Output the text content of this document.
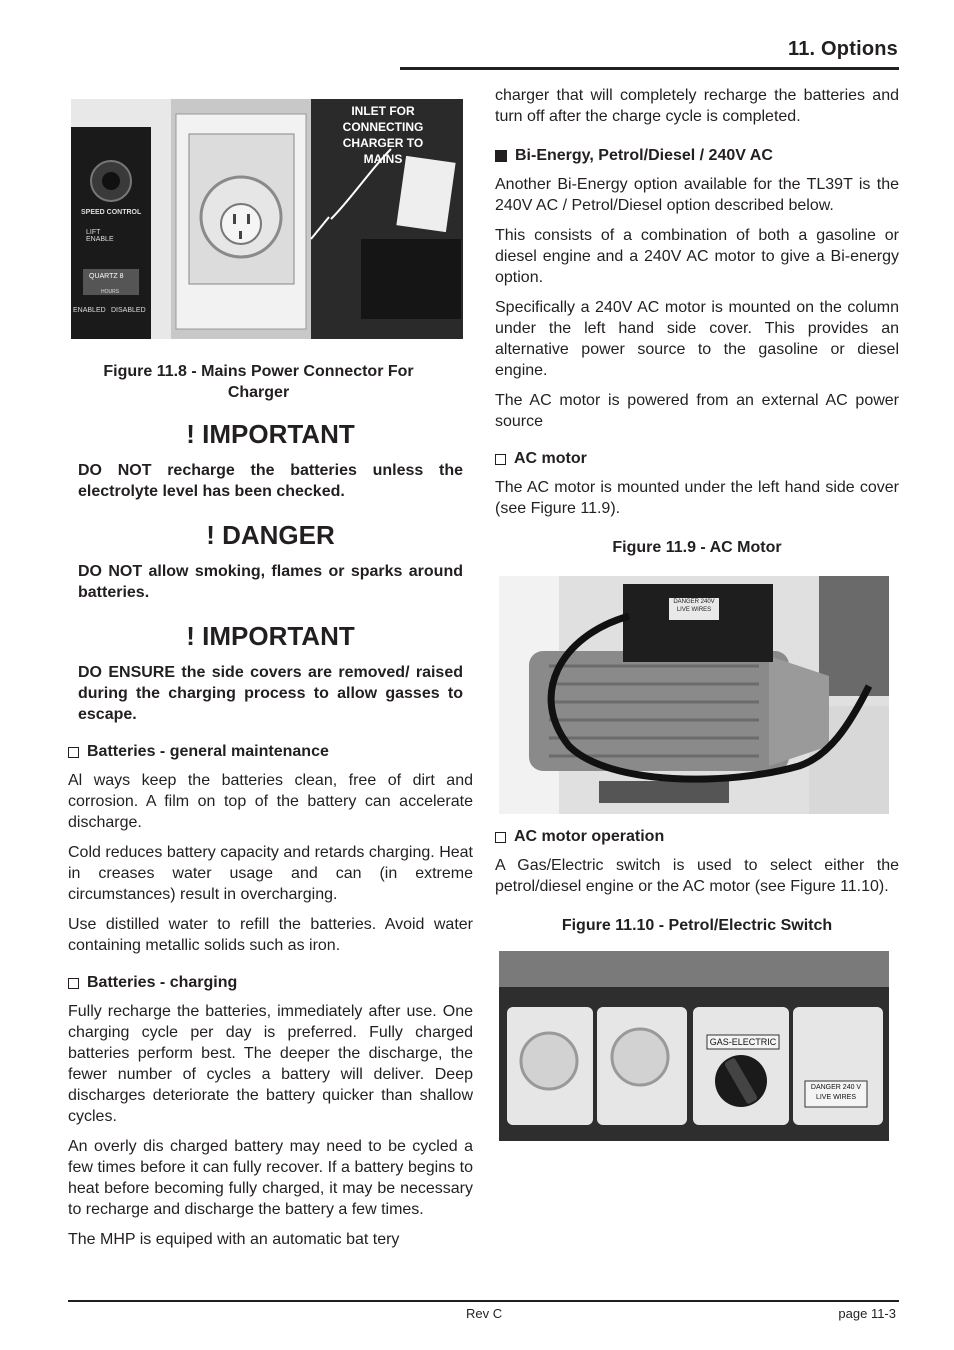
11. Options
INLET FOR CONNECTING CHARGER TO MAINS
SPEED CONTROL
LIFT ENABLE
QUARTZ 8
HOURS
ENABLED DISABLED
Figure 11.8 - Mains Power Connector For Charger
! IMPORTANT
DO NOT recharge the batteries unless the electrolyte level has been checked.
! DANGER
DO NOT allow smoking, flames or sparks around batteries.
! IMPORTANT
DO ENSURE the side covers are removed/ raised during the charging process to allow gasses to escape.
Batteries - general maintenance

Al ways keep the batteries clean, free of dirt and corrosion. A film on top of the battery can accelerate discharge.

Cold reduces battery capacity and retards charging. Heat in creases water usage and can (in extreme circumstances) result in overcharging.

Use distilled water to refill the batteries. Avoid water containing metallic solids such as iron.

Batteries - charging

Fully recharge the batteries, immediately after use. One charging cycle per day is preferred. Fully charged batteries perform best. The deeper the discharge, the fewer number of cycles a battery will deliver. Deep discharges deteriorate the battery quicker than shallow cycles.

An overly dis charged battery may need to be cycled a few times before it can fully recover. If a battery begins to heat before becoming fully charged, it may be necessary to recharge and discharge the battery a few times.

The MHP is equiped with an automatic bat tery

charger that will completely recharge the batteries and turn off after the charge cycle is completed.

Bi-Energy, Petrol/Diesel / 240V AC

Another Bi-Energy option available for the TL39T is the 240V AC / Petrol/Diesel option described below.

This consists of a combination of both a gasoline or diesel engine and a 240V AC motor to give a Bi-energy option.

Specifically a 240V AC motor is mounted on the column under the left hand side cover. This provides an alternative power source to the gasoline or diesel engine.

The AC motor is powered from an external AC power source

AC motor

The AC motor is mounted under the left hand side cover (see Figure 11.9).

Figure 11.9 - AC Motor
DANGER 240V LIVE WIRES
AC motor operation

A Gas/Electric switch is used to select either the petrol/diesel engine or the AC motor (see Figure 11.10).

Figure 11.10 - Petrol/Electric Switch
GAS-ELECTRIC
DANGER 240 V LIVE WIRES
Rev C	page 11-3
